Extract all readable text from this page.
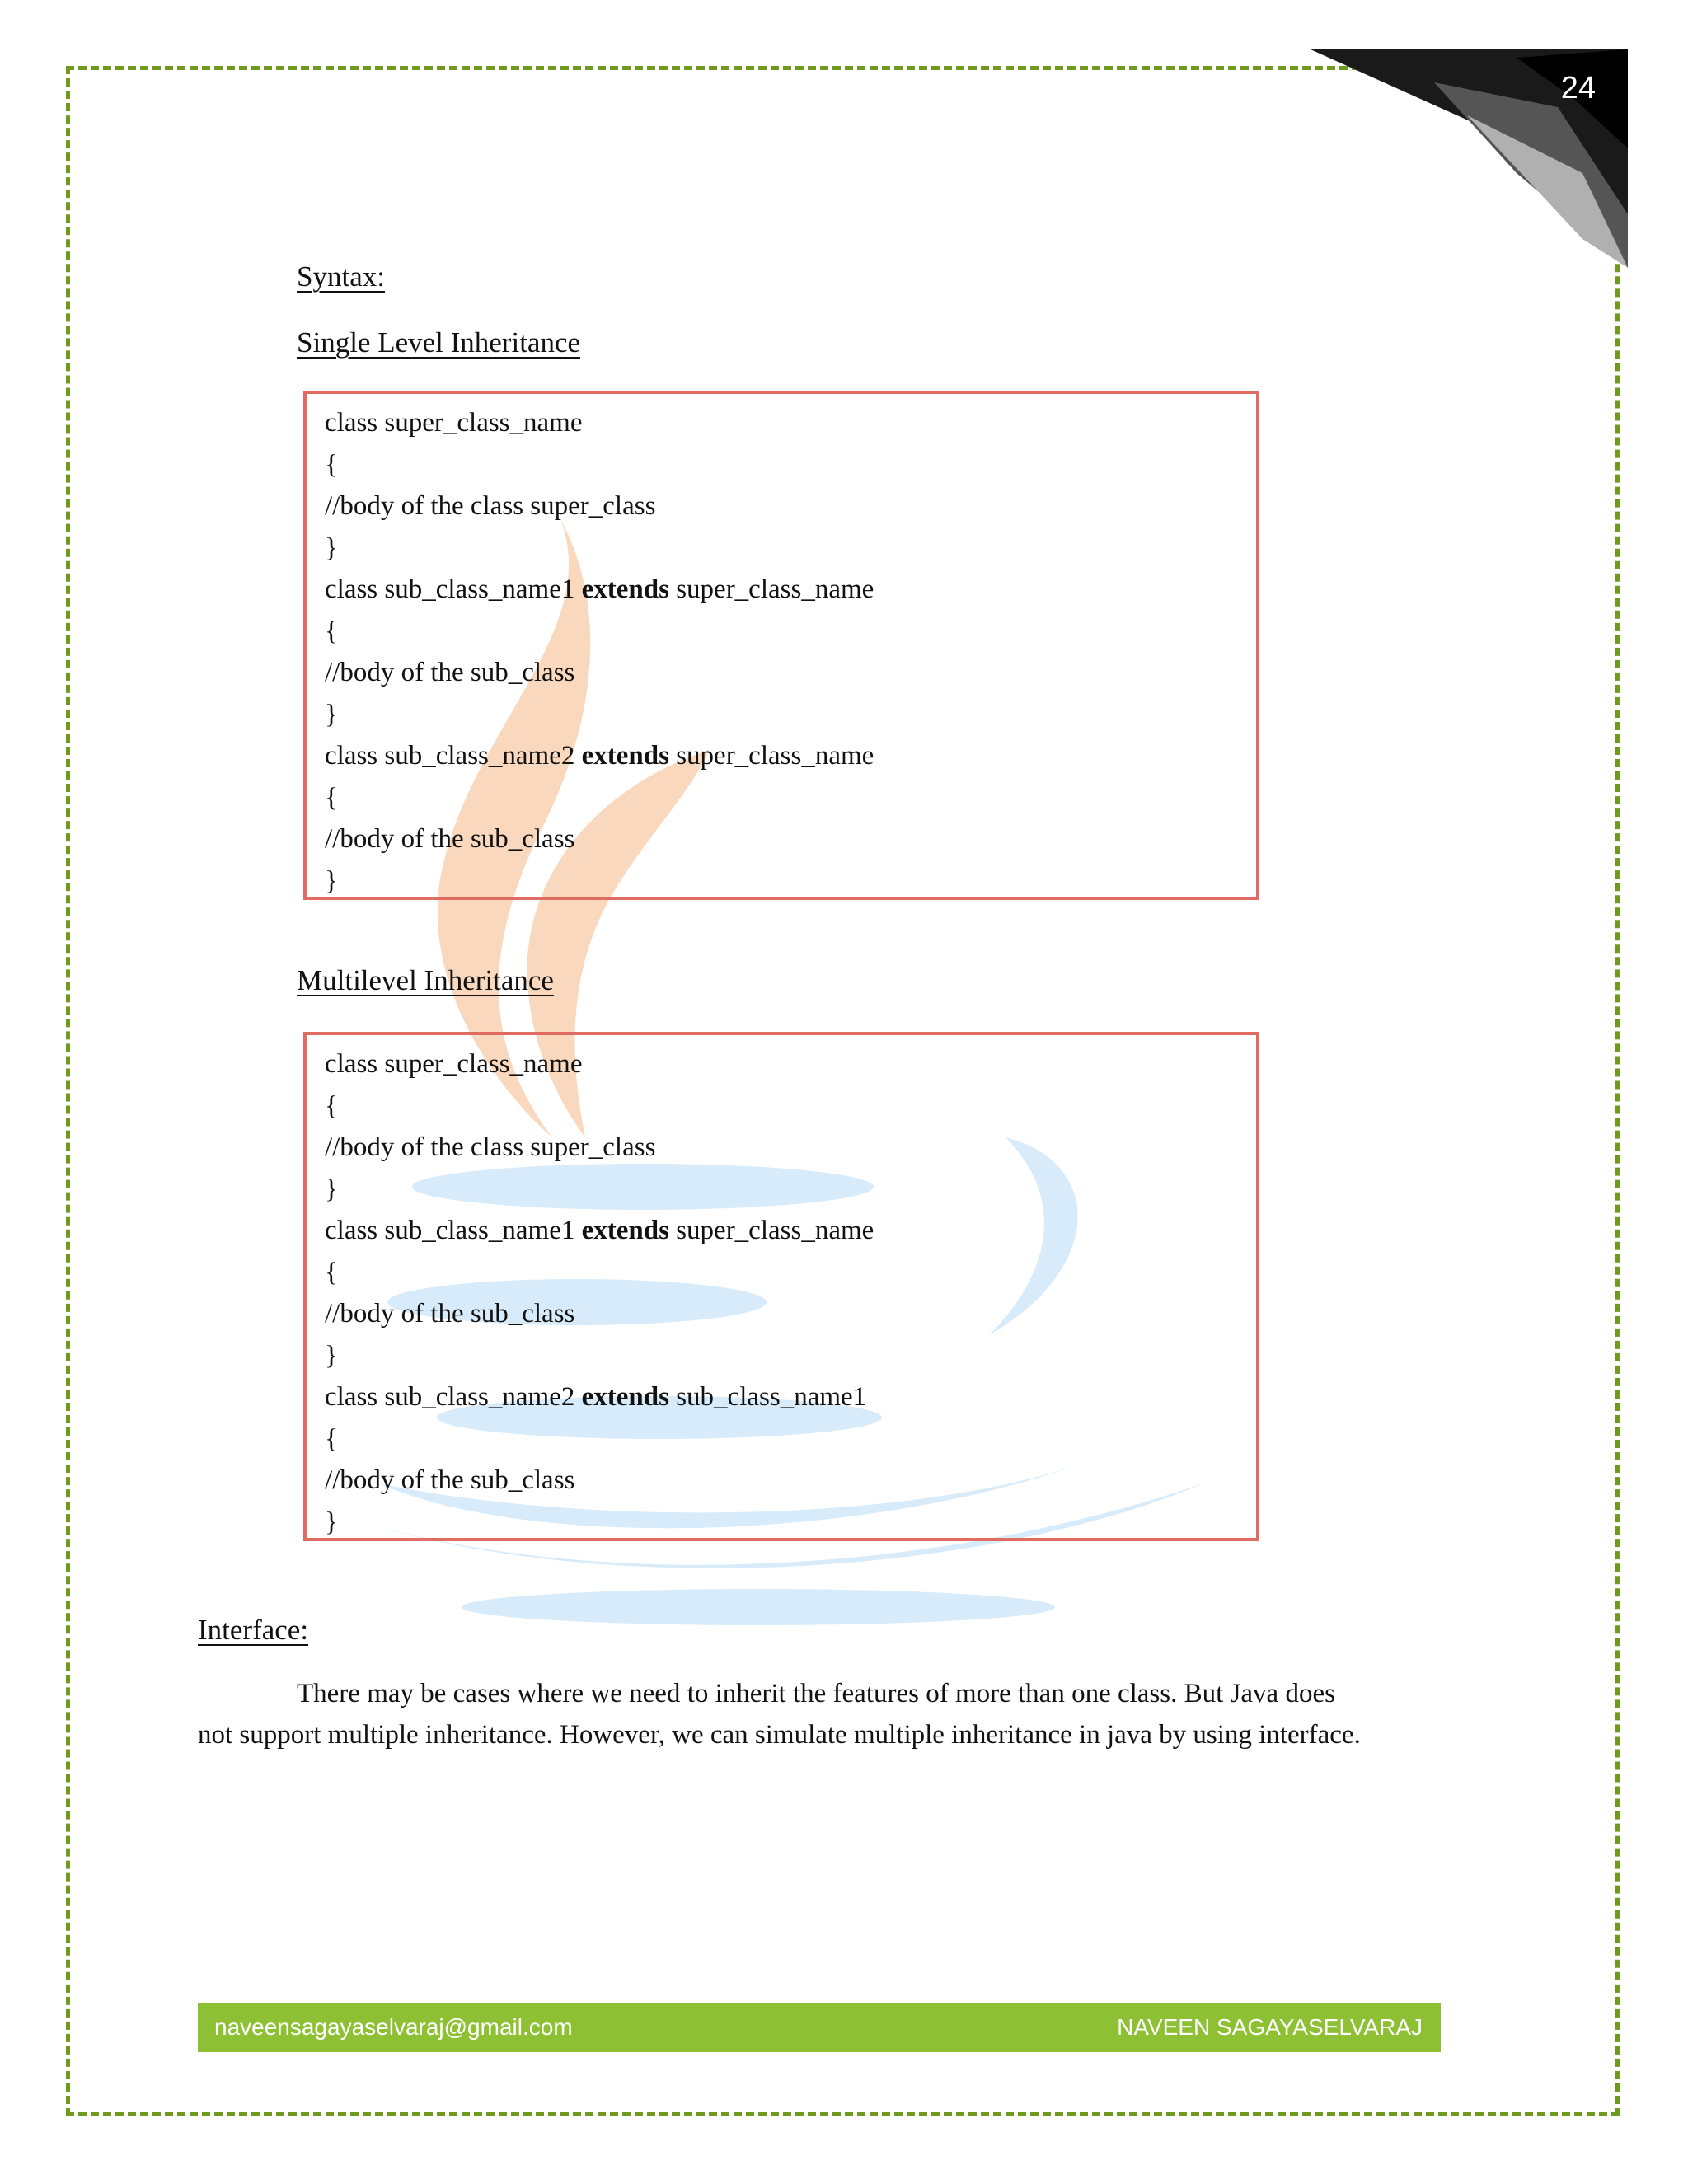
24
Syntax:
Single Level Inheritance
class super_class_name
{
//body of the class super_class
}
class sub_class_name1 extends super_class_name
{
//body of the sub_class
}
class sub_class_name2 extends super_class_name
{
//body of the sub_class
}
Multilevel Inheritance
class super_class_name
{
//body of the class super_class
}
class sub_class_name1 extends super_class_name
{
//body of the sub_class
}
class sub_class_name2 extends sub_class_name1
{
//body of the sub_class
}
Interface:
There may be cases where we need to inherit the features of more than one class. But Java does
not support multiple inheritance. However, we can simulate multiple inheritance in java by using interface.
naveensagayaselvaraj@gmail.com	NAVEEN SAGAYASELVARAJ
